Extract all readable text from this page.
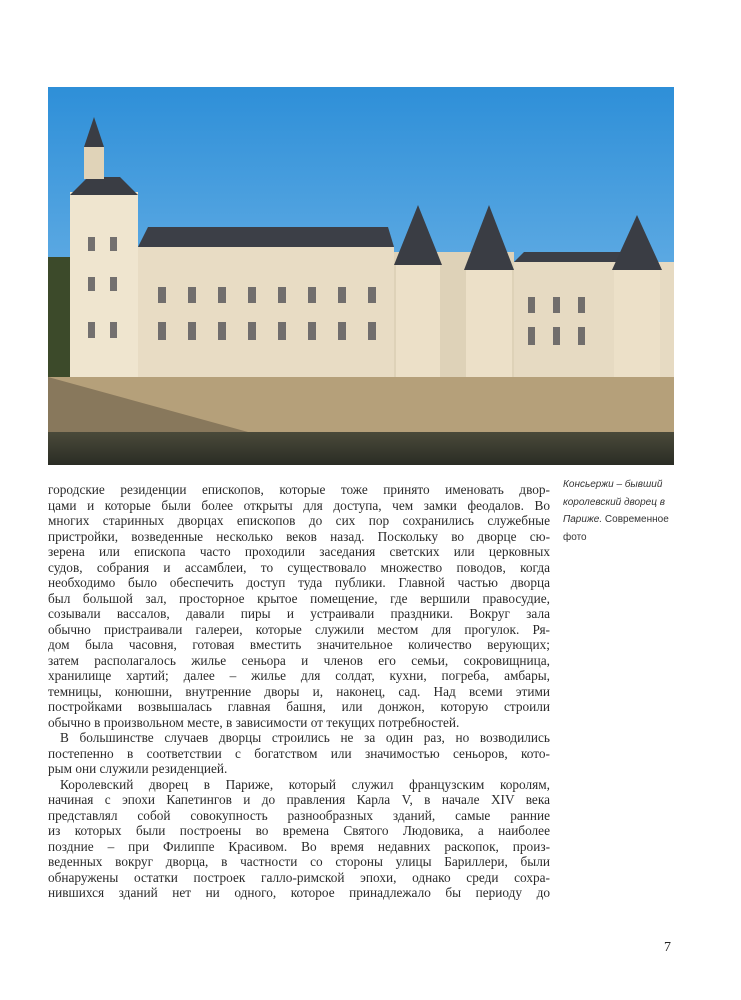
городские резиденции епископов, которые тоже принято именовать двор-
цами и которые были более открыты для доступа, чем замки феодалов. Во
многих старинных дворцах епископов до сих пор сохранились служебные
пристройки, возведенные несколько веков назад. Поскольку во дворце сю-
зерена или епископа часто проходили заседания светских или церковных
судов, собрания и ассамблеи, то существовало множество поводов, когда
необходимо было обеспечить доступ туда публики. Главной частью дворца
был большой зал, просторное крытое помещение, где вершили правосудие,
созывали вассалов, давали пиры и устраивали праздники. Вокруг зала
обычно пристраивали галереи, которые служили местом для прогулок. Ря-
дом была часовня, готовая вместить значительное количество верующих;
затем располагалось жилье сеньора и членов его семьи, сокровищница,
хранилище хартий; далее – жилье для солдат, кухни, погреба, амбары,
темницы, конюшни, внутренние дворы и, наконец, сад. Над всеми этими
постройками возвышалась главная башня, или донжон, которую строили
обычно в произвольном месте, в зависимости от текущих потребностей.
В большинстве случаев дворцы строились не за один раз, но возводились
постепенно в соответствии с богатством или значимостью сеньоров, кото-
рым они служили резиденцией.
Королевский дворец в Париже, который служил французским королям,
начиная с эпохи Капетингов и до правления Карла V, в начале XIV века
представлял собой совокупность разнообразных зданий, самые ранние
из которых были построены во времена Святого Людовика, а наиболее
поздние – при Филиппе Красивом. Во время недавних раскопок, произ-
веденных вокруг дворца, в частности со стороны улицы Бариллери, были
обнаружены остатки построек галло-римской эпохи, однако среди сохра-
нившихся зданий нет ни одного, которое принадлежало бы периоду до
Консьержи – бывший королевский дворец в Париже. Современное фото
7
